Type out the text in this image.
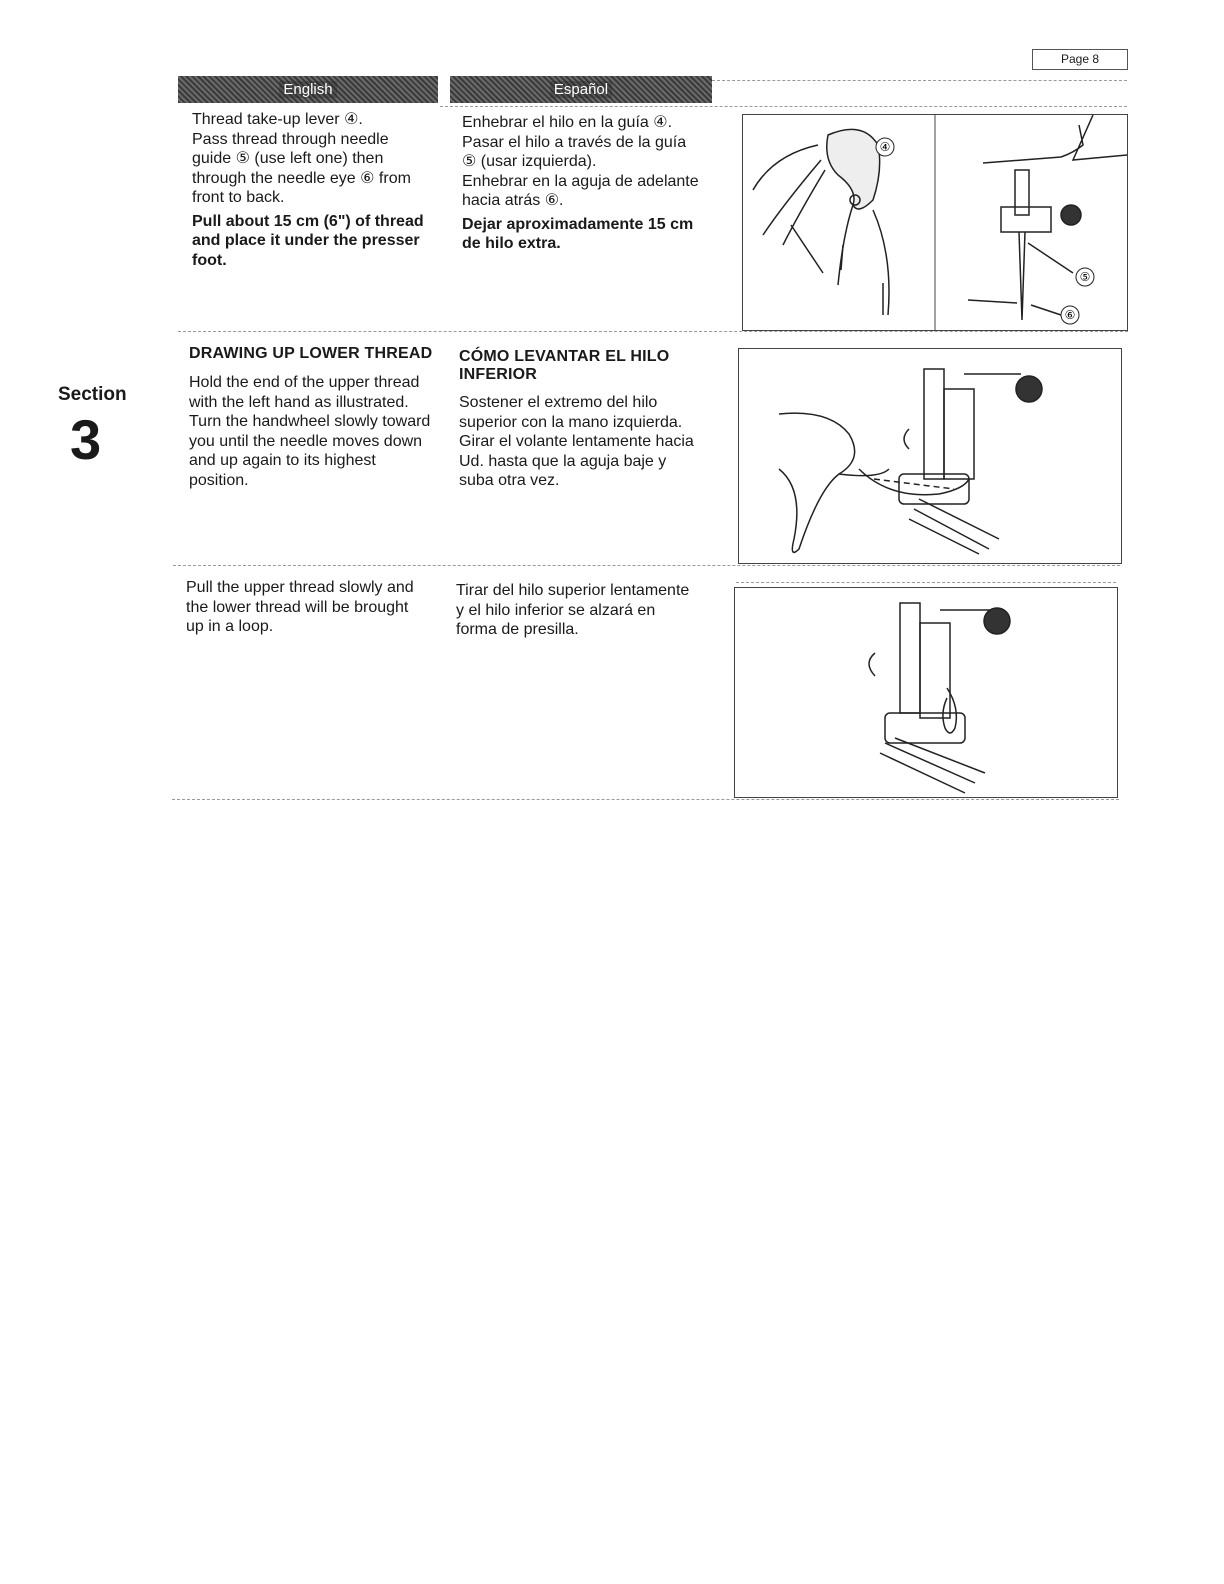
Page 8
English	Español
Section
3

Thread take-up lever ④.

Pass thread through needle guide ⑤ (use left one) then through the needle eye ⑥ from front to back.

Pull about 15 cm (6") of thread and place it under the presser foot.

Enhebrar el hilo en la guía ④.

Pasar el hilo a través de la guía ⑤ (usar izquierda).

Enhebrar en la aguja de adelante hacia atrás ⑥.

Dejar aproximadamente 15 cm de hilo extra.

④
⑤
⑥
DRAWING UP LOWER THREAD

Hold the end of the upper thread with the left hand as illustrated.

Turn the handwheel slowly toward you until the needle moves down and up again to its highest position.

CÓMO LEVANTAR EL HILO INFERIOR

Sostener el extremo del hilo superior con la mano izquierda.

Girar el volante lentamente hacia Ud. hasta que la aguja baje y suba otra vez.

Pull the upper thread slowly and the lower thread will be brought up in a loop.

Tirar del hilo superior lentamente y el hilo inferior se alzará en forma de presilla.
